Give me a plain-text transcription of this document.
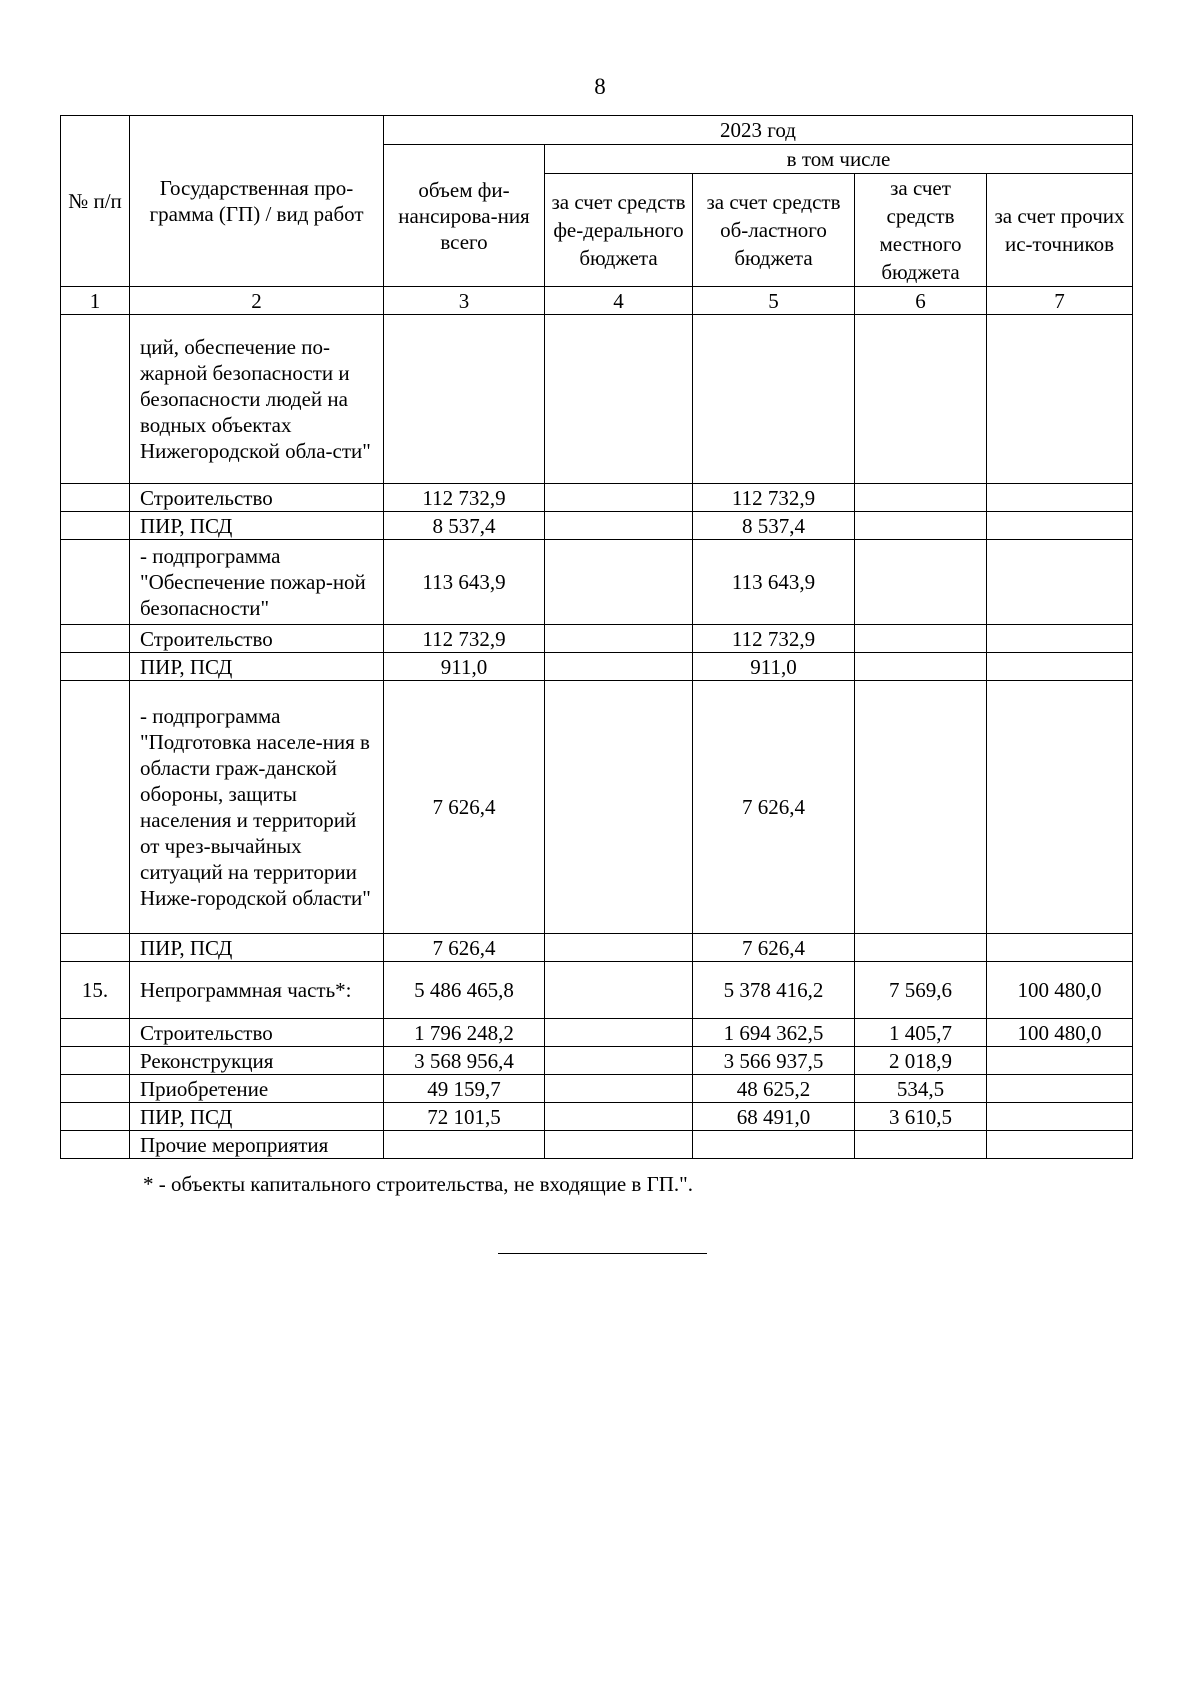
8
№ п/п	Государственная про-грамма (ГП) / вид работ	2023 год				
		объем фи-нансирова-ния всего	в том числе			
			за счет средств фе-дерального бюджета	за счет средств об-ластного бюджета	за счет средств местного бюджета	за счет прочих ис-точников
1	2	3	4	5	6	7
	ций, обеспечение по-жарной безопасности и безопасности людей на водных объектах Нижегородской обла-сти"					
	Строительство	112 732,9		112 732,9		
	ПИР, ПСД	8 537,4		8 537,4		
	- подпрограмма "Обеспечение пожар-ной безопасности"	113 643,9		113 643,9		
	Строительство	112 732,9		112 732,9		
	ПИР, ПСД	911,0		911,0		
	- подпрограмма "Подготовка населе-ния в области граж-данской обороны, защиты населения и территорий от чрез-вычайных ситуаций на территории Ниже-городской области"	7 626,4		7 626,4		
	ПИР, ПСД	7 626,4		7 626,4		
15.	Непрограммная часть*:	5 486 465,8		5 378 416,2	7 569,6	100 480,0
	Строительство	1 796 248,2		1 694 362,5	1 405,7	100 480,0
	Реконструкция	3 568 956,4		3 566 937,5	2 018,9	
	Приобретение	49 159,7		48 625,2	534,5	
	ПИР, ПСД	72 101,5		68 491,0	3 610,5	
	Прочие мероприятия					
* - объекты капитального строительства, не входящие в ГП.".
